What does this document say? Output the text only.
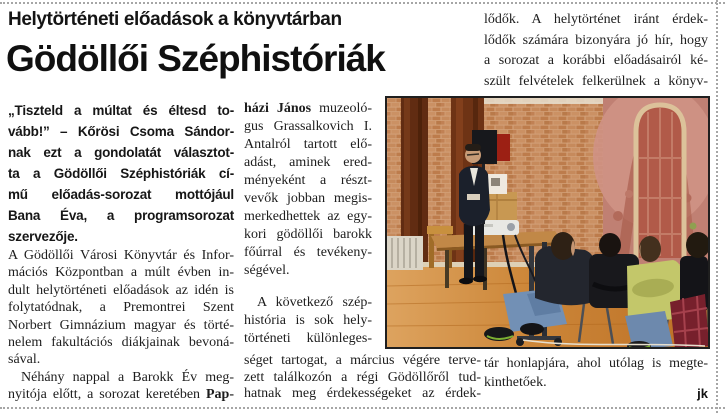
Helytörténeti előadások a könyvtárban
Gödöllői Széphistóriák
„Tiszteld a múltat és éltesd to-
vább!” – Kőrösi Csoma Sándor-
nak ezt a gondolatát választot-
ta a Gödöllői Széphistóriák cí-
mű előadás-sorozat mottójául
Bana Éva, a programsorozat
szervezője.
A Gödöllői Városi Könyvtár és Infor-
mációs Központban a múlt évben in-
dult helytörténeti előadások az idén is
folytatódnak, a Premontrei Szent
Norbert Gimnázium magyar és törté-
nelem fakultációs diákjainak bevoná-
sával.
Néhány nappal a Barokk Év meg-
nyitója előtt, a sorozat keretében Pap-
házi János muzeoló-
gus Grassalkovich I.
Antalról tartott elő-
adást, aminek ered-
ményeként a részt-
vevők jobban megis-
merkedhettek az egy-
kori gödöllői barokk
főúrral és tevékeny-
ségével.
A következő szép-
história is sok hely-
történeti különleges-
séget tartogat, a március végére terve-
zett találkozón a régi Gödöllőről tud-
hatnak meg érdekességeket az érdek-
lődők. A helytörténet iránt érdek-
lődők számára bizonyára jó hír, hogy
a sorozat a korábbi előadásairól ké-
szült felvételek felkerülnek a könyv-
tár honlapjára, ahol utólag is megte-
kinthetőek.
jk
